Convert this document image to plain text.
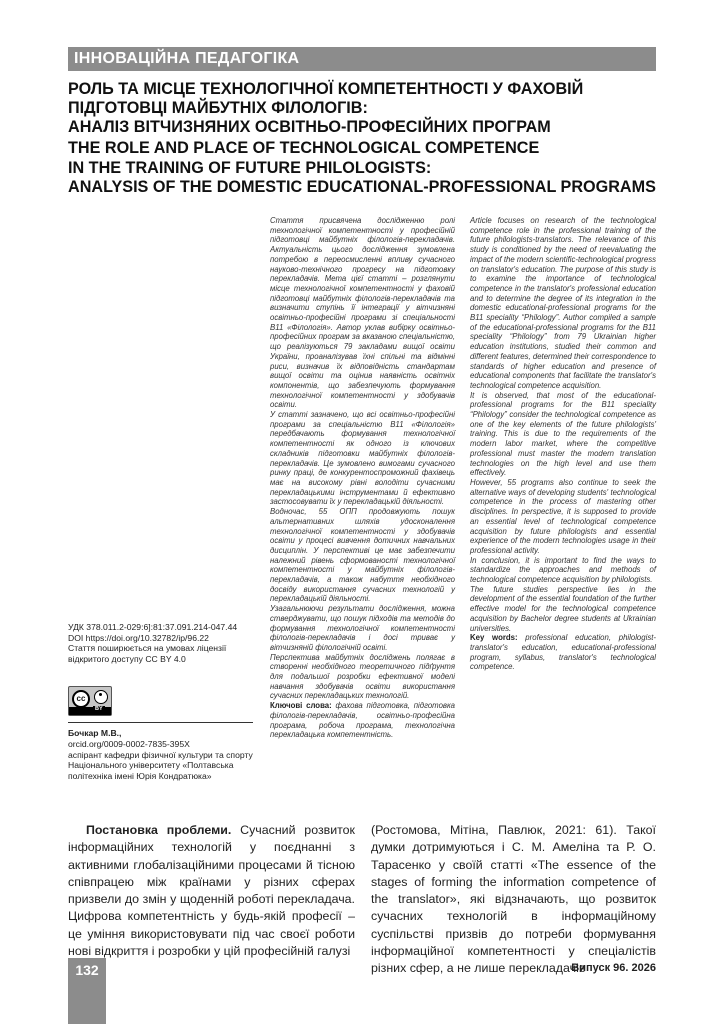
ІННОВАЦІЙНА ПЕДАГОГІКА
РОЛЬ ТА МІСЦЕ ТЕХНОЛОГІЧНОЇ КОМПЕТЕНТНОСТІ У ФАХОВІЙ
ПІДГОТОВЦІ МАЙБУТНІХ ФІЛОЛОГІВ:
АНАЛІЗ ВІТЧИЗНЯНИХ ОСВІТНЬО-ПРОФЕСІЙНИХ ПРОГРАМ
THE ROLE AND PLACE OF TECHNOLOGICAL COMPETENCE
IN THE TRAINING OF FUTURE PHILOLOGISTS:
ANALYSIS OF THE DOMESTIC EDUCATIONAL-PROFESSIONAL PROGRAMS
УДК 378.011.2-029:6]:81:37.091.214-047.44
DOI https://doi.org/10.32782/ip/96.22
Стаття поширюється на умовах ліцензії відкритого доступу CC BY 4.0
cc
BY
Бочкар М.В.,
orcid.org/0009-0002-7835-395X
аспірант кафедри фізичної культури та спорту Національного університету «Полтавська політехніка імені Юрія Кондратюка»

Стаття присвячена дослідженню ролі технологічної компетентності у професійній підготовці майбутніх філологів-перекладачів. Актуальність цього дослідження зумовлена потребою в переосмисленні впливу сучасного науково-технічного прогресу на підготовку перекладачів. Мета цієї статті – розглянути місце технологічної компетентності у фаховій підготовці майбутніх філологів-перекладачів та визначити ступінь її інтеграції у вітчизняні освітньо-професійні програми зі спеціальності В11 «Філологія». Автор уклав вибірку освітньо-професійних програм за вказаною спеціальністю, що реалізуються 79 закладами вищої освіти України, проаналізував їхні спільні та відмінні риси, визначив їх відповідність стандартам вищої освіти та оцінив наявність освітніх компонентів, що забезпечують формування технологічної компетентності у здобувачів освіти.

У статті зазначено, що всі освітньо-професійні програми за спеціальністю В11 «Філологія» передбачають формування технологічної компетентності як одного із ключових складників підготовки майбутніх філологів-перекладачів. Це зумовлено вимогами сучасного ринку праці, де конкурентоспроможний фахівець має на високому рівні володіти сучасними перекладацькими інструментами й ефективно застосовувати їх у перекладацькій діяльності.

Водночас, 55 ОПП продовжують пошук альтернативних шляхів удосконалення технологічної компетентності у здобувачів освіти у процесі вивчення дотичних навчальних дисциплін. У перспективі це має забезпечити належний рівень сформованості технологічної компетентності у майбутніх філологів-перекладачів, а також набуття необхідного досвіду використання сучасних технологій у перекладацькій діяльності.

Узагальнюючи результати дослідження, можна стверджувати, що пошук підходів та методів до формування технологічної компетентності філологів-перекладачів і досі триває у вітчизняній філологічній освіті.

Перспектива майбутніх досліджень полягає в створенні необхідного теоретичного підґрунтя для подальшої розробки ефективної моделі навчання здобувачів освіти використання сучасних перекладацьких технологій.

Ключові слова: фахова підготовка, підготовка філологів-перекладачів, освітньо-професійна програма, робоча програма, технологічна перекладацька компетентність.

Article focuses on research of the technological competence role in the professional training of the future philologists-translators. The relevance of this study is conditioned by the need of reevaluating the impact of the modern scientific-technological progress on translator's education. The purpose of this study is to examine the importance of technological competence in the translator's professional education and to determine the degree of its integration in the domestic educational-professional programs for the B11 speciality “Philology”. Author compiled a sample of the educational-professional programs for the B11 speciality “Philology” from 79 Ukrainian higher education institutions, studied their common and different features, determined their correspondence to standards of higher education and presence of educational components that facilitate the translator's technological competence acquisition.

It is observed, that most of the educational-professional programs for the B11 speciality “Philology” consider the technological competence as one of the key elements of the future philologists' training. This is due to the requirements of the modern labor market, where the competitive professional must master the modern translation technologies on the high level and use them effectively.

However, 55 programs also continue to seek the alternative ways of developing students' technological competence in the process of mastering other disciplines. In perspective, it is supposed to provide an essential level of technological competence acquisition by future philologists and essential experience of the modern technologies usage in their professional activity.

In conclusion, it is important to find the ways to standardize the approaches and methods of technological competence acquisition by philologists.

The future studies perspective lies in the development of the essential foundation of the further effective model for the technological competence acquisition by Bachelor degree students at Ukrainian universities.

Key words: professional education, philologist-translator's education, educational-professional program, syllabus, translator's technological competence.

Постановка проблеми. Сучасний розвиток інформаційних технологій у поєднанні з активними глобалізаційними процесами й тісною співпрацею між країнами у різних сферах призвели до змін у щоденній роботі перекладача. Цифрова компетентність у будь-якій професії – це уміння використовувати під час своєї роботи нові відкриття і розробки у цій професійній галузі

(Ростомова, Мітіна, Павлюк, 2021: 61). Такої думки дотримуються і С. М. Амеліна та Р. О. Тарасенко у своїй статті «The essence of the stages of forming the information competence of the translator», які відзначають, що розвиток сучасних технологій в інформаційному суспільстві призвів до потреби формування інформаційної компетентності у спеціалістів різних сфер, а не лише перекладачів

132	Випуск 96. 2026
